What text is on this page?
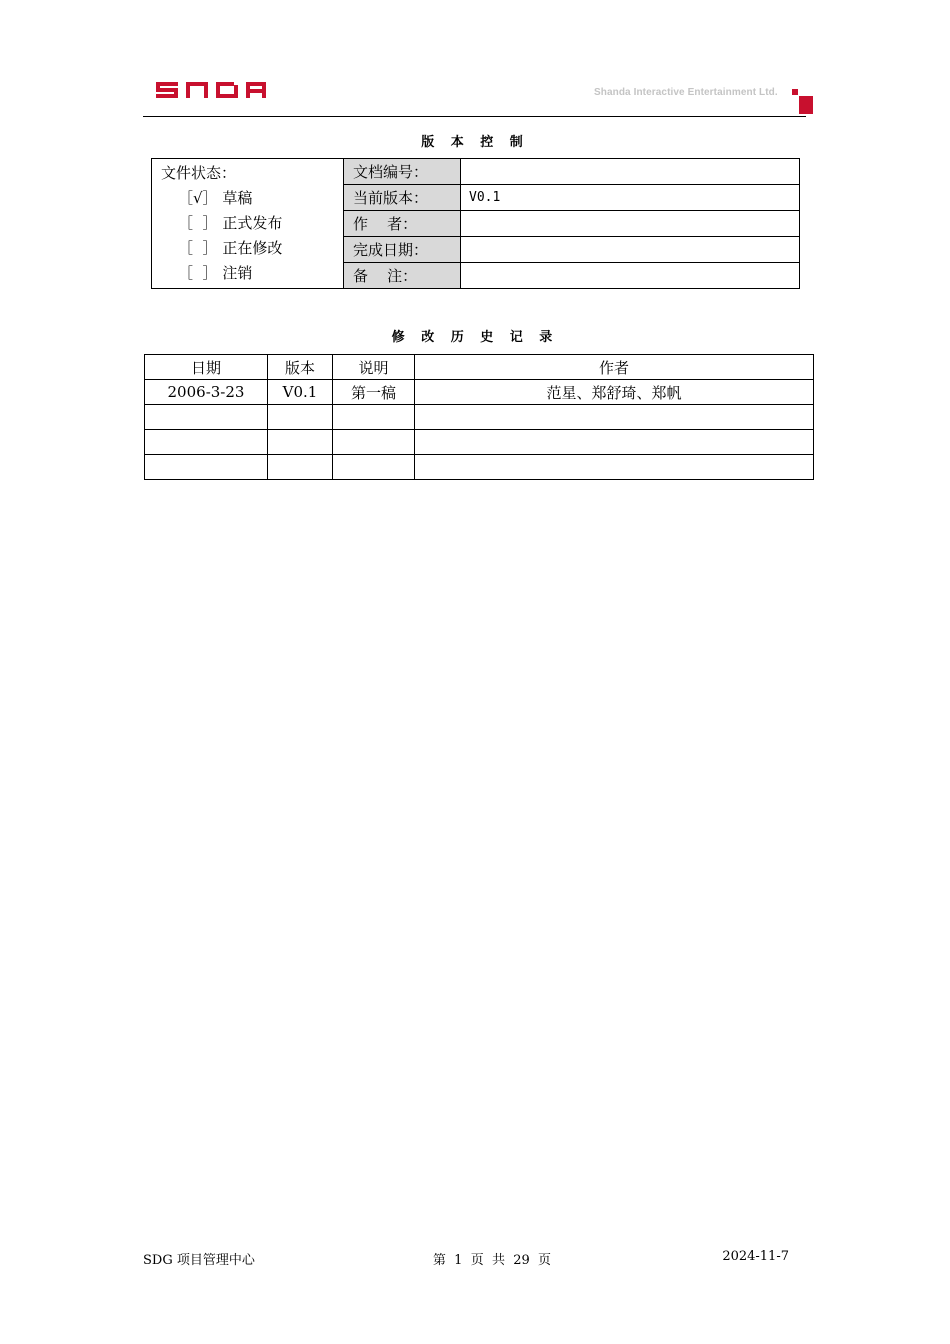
Shanda Interactive Entertainment Ltd.
版 本 控 制
文件状态：
［√］ 草稿
［  ］ 正式发布
［  ］ 正在修改
［  ］ 注销	文档编号：	
	当前版本：	V0.1
	作    者：	
	完成日期：	
	备    注：	
修 改 历 史 记 录
日期	版本	说明	作者
2006-3-23	V0.1	第一稿	范星、郑舒琦、郑帆

SDG 项目管理中心	第  1  页  共  29  页	2024-11-7
